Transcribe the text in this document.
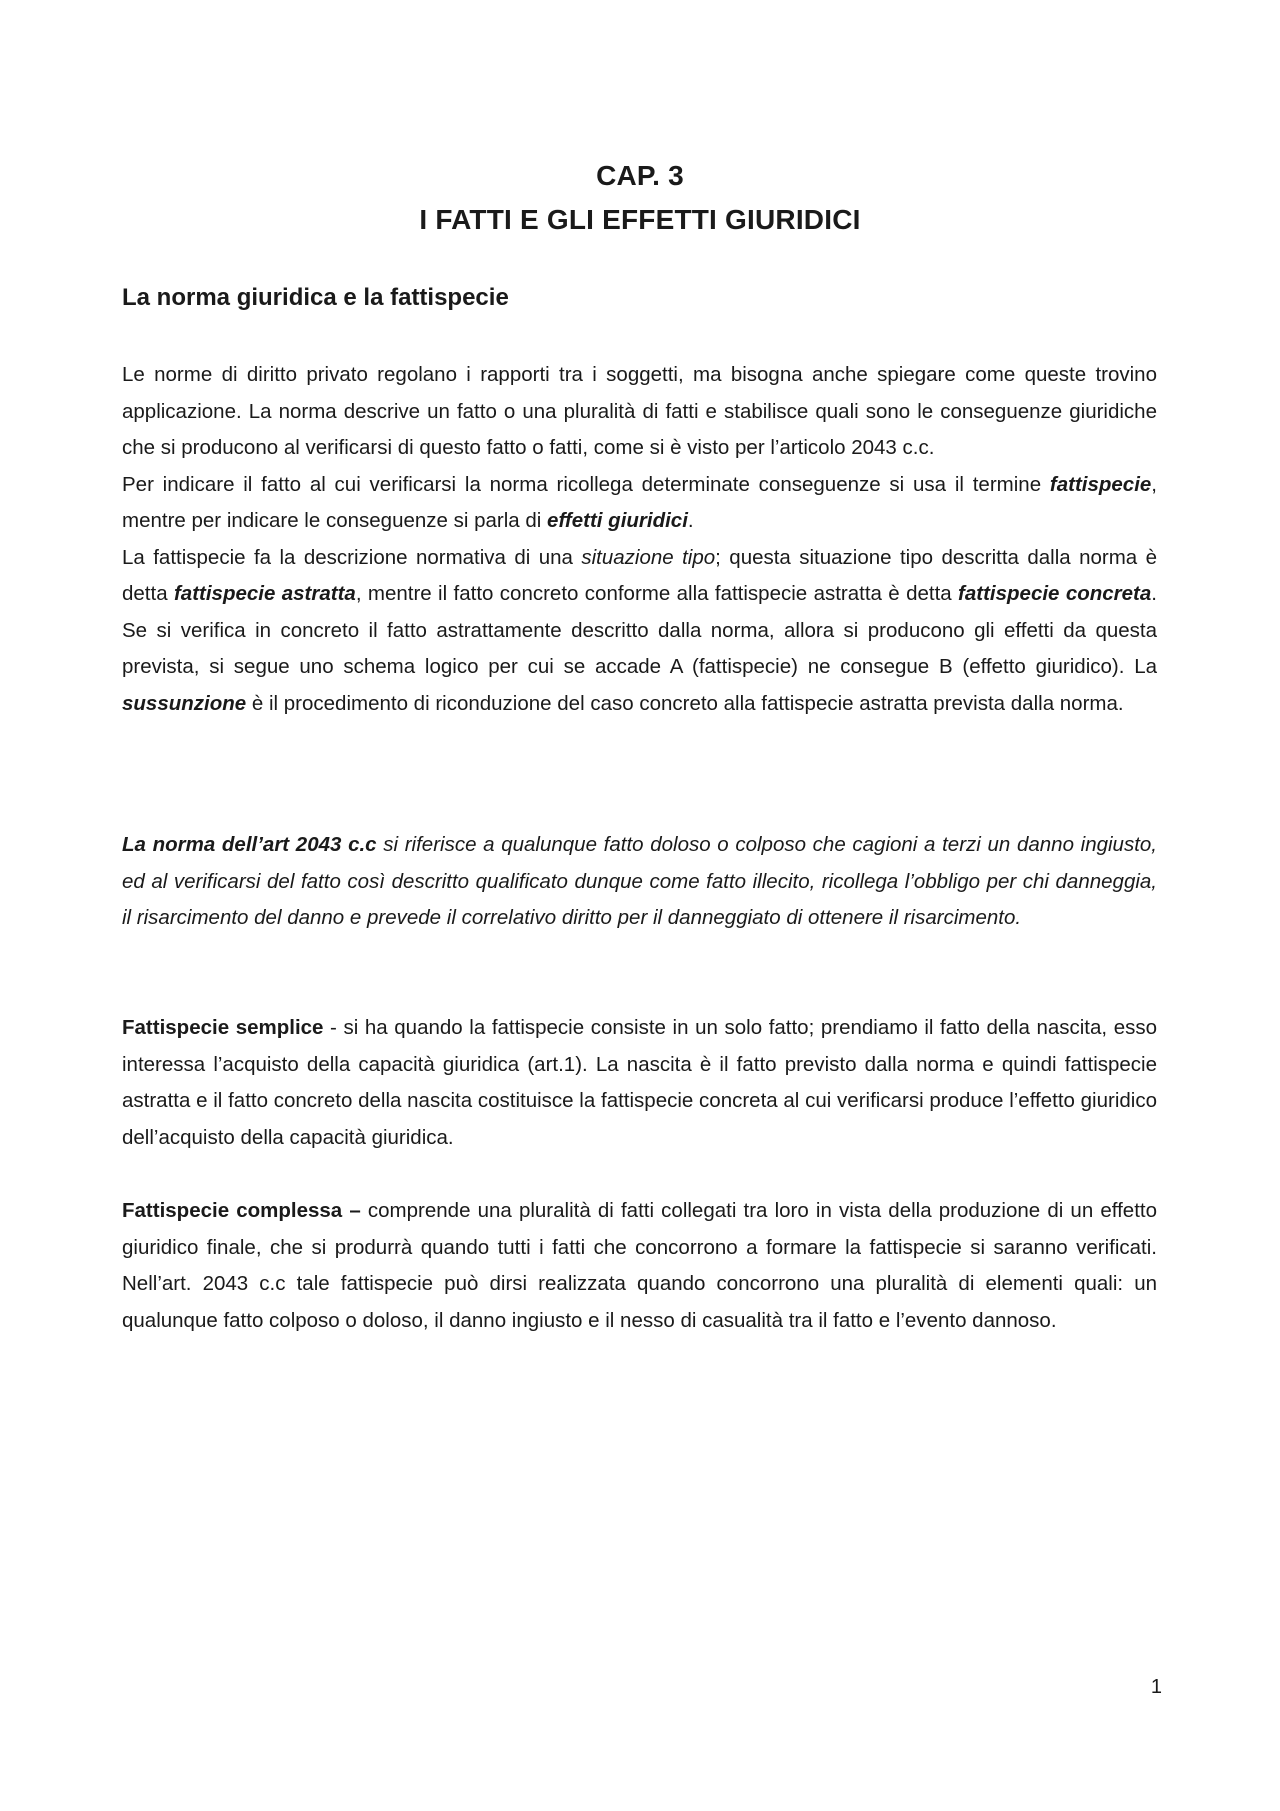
CAP. 3
I FATTI E GLI EFFETTI GIURIDICI
La norma giuridica e la fattispecie

Le norme di diritto privato regolano i rapporti tra i soggetti, ma bisogna anche spiegare come queste trovino applicazione. La norma descrive un fatto o una pluralità di fatti e stabilisce quali sono le conseguenze giuridiche che si producono al verificarsi di questo fatto o fatti, come si è visto per l’articolo 2043 c.c.

Per indicare il fatto al cui verificarsi la norma ricollega determinate conseguenze si usa il termine fattispecie, mentre per indicare le conseguenze si parla di effetti giuridici.

La fattispecie fa la descrizione normativa di una situazione tipo; questa situazione tipo descritta dalla norma è detta fattispecie astratta, mentre il fatto concreto conforme alla fattispecie astratta è detta fattispecie concreta. Se si verifica in concreto il fatto astrattamente descritto dalla norma, allora si producono gli effetti da questa prevista, si segue uno schema logico per cui se accade A (fattispecie) ne consegue B (effetto giuridico). La sussunzione è il procedimento di riconduzione del caso concreto alla fattispecie astratta prevista dalla norma.

La norma dell’art 2043 c.c si riferisce a qualunque fatto doloso o colposo che cagioni a terzi un danno ingiusto, ed al verificarsi del fatto così descritto qualificato dunque come fatto illecito, ricollega l’obbligo per chi danneggia, il risarcimento del danno e prevede il correlativo diritto per il danneggiato di ottenere il risarcimento.

Fattispecie semplice - si ha quando la fattispecie consiste in un solo fatto; prendiamo il fatto della nascita, esso interessa l’acquisto della capacità giuridica (art.1). La nascita è il fatto previsto dalla norma e quindi fattispecie astratta e il fatto concreto della nascita costituisce la fattispecie concreta al cui verificarsi produce l’effetto giuridico dell’acquisto della capacità giuridica.

Fattispecie complessa – comprende una pluralità di fatti collegati tra loro in vista della produzione di un effetto giuridico finale, che si produrrà quando tutti i fatti che concorrono a formare la fattispecie si saranno verificati. Nell’art. 2043 c.c tale fattispecie può dirsi realizzata quando concorrono una pluralità di elementi quali: un qualunque fatto colposo o doloso, il danno ingiusto e il nesso di casualità tra il fatto e l’evento dannoso.

1
